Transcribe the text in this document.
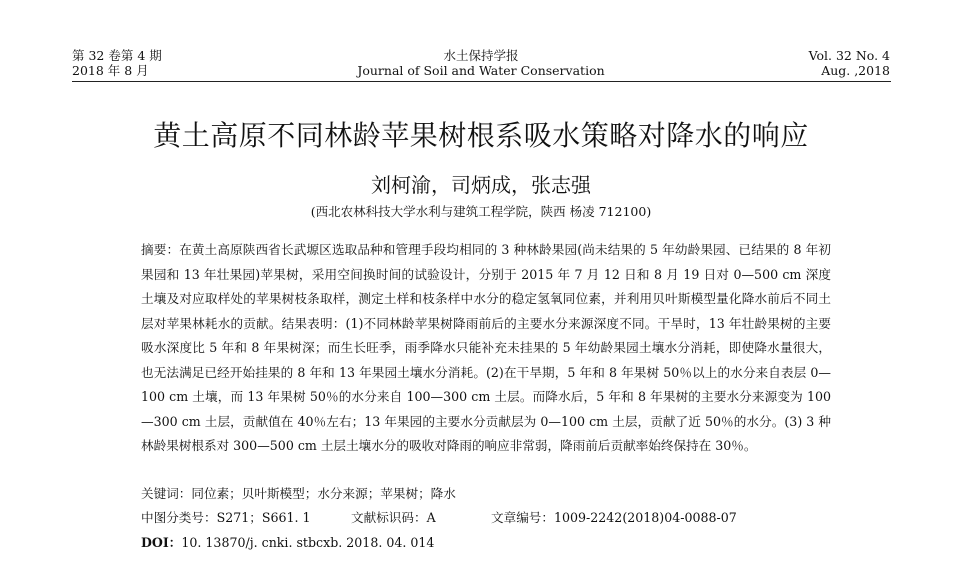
水土保持学报
Journal of Soil and Water Conservation
第 32 卷第 4 期
2018 年 8 月
Vol. 32 No. 4
Aug. ,2018
黄土高原不同林龄苹果树根系吸水策略对降水的响应
刘柯渝，司炳成，张志强
(西北农林科技大学水利与建筑工程学院，陕西 杨凌 712100)
摘要：在黄土高原陕西省长武塬区选取品种和管理手段均相同的 3 种林龄果园(尚未结果的 5 年幼龄果园、已结果的 8 年初果园和 13 年壮果园)苹果树，采用空间换时间的试验设计，分别于 2015 年 7 月 12 日和 8 月 19 日对 0—500 cm 深度土壤及对应取样处的苹果树枝条取样，测定土样和枝条样中水分的稳定氢氧同位素，并利用贝叶斯模型量化降水前后不同土层对苹果林耗水的贡献。结果表明：(1)不同林龄苹果树降雨前后的主要水分来源深度不同。干旱时，13 年壮龄果树的主要吸水深度比 5 年和 8 年果树深；而生长旺季，雨季降水只能补充未挂果的 5 年幼龄果园土壤水分消耗，即使降水量很大，也无法满足已经开始挂果的 8 年和 13 年果园土壤水分消耗。(2)在干旱期，5 年和 8 年果树 50％以上的水分来自表层 0—100 cm 土壤，而 13 年果树 50％的水分来自 100—300 cm 土层。而降水后，5 年和 8 年果树的主要水分来源变为 100—300 cm 土层，贡献值在 40％左右；13 年果园的主要水分贡献层为 0—100 cm 土层，贡献了近 50％的水分。(3) 3 种林龄果树根系对 300—500 cm 土层土壤水分的吸收对降雨的响应非常弱，降雨前后贡献率始终保持在 30％。
关键词：同位素；贝叶斯模型；水分来源；苹果树；降水
中图分类号：S271；S661. 1	文献标识码：A	文章编号：1009-2242(2018)04-0088-07
DOI：10. 13870/j. cnki. stbcxb. 2018. 04. 014
